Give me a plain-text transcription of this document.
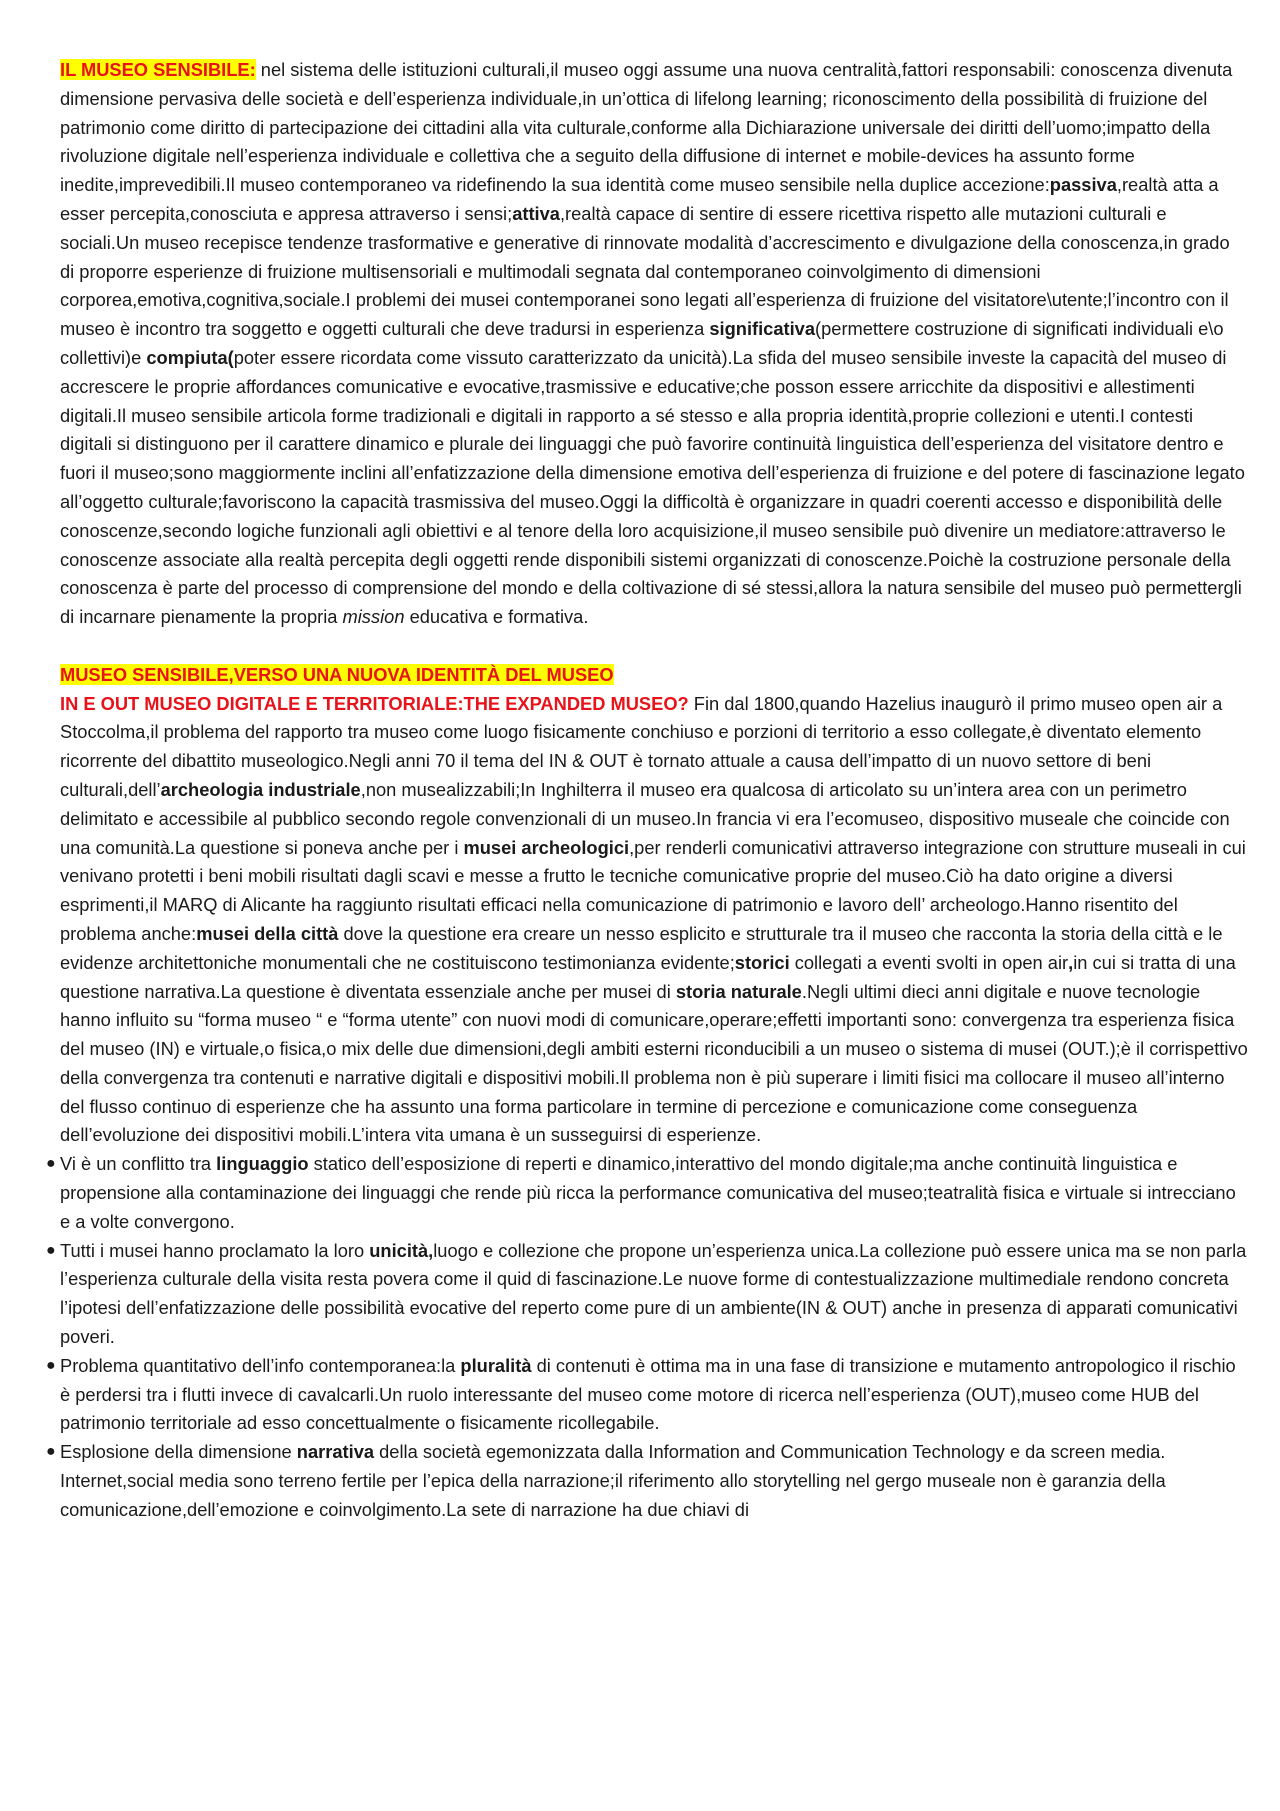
IL MUSEO SENSIBILE: nel sistema delle istituzioni culturali,il museo oggi assume una nuova centralità,fattori responsabili: conoscenza divenuta dimensione pervasiva delle società e dell’esperienza individuale,in un’ottica di lifelong learning; riconoscimento della possibilità di fruizione del patrimonio come diritto di partecipazione dei cittadini alla vita culturale,conforme alla Dichiarazione universale dei diritti dell’uomo;impatto della rivoluzione digitale nell’esperienza individuale e collettiva che a seguito della diffusione di internet e mobile-devices ha assunto forme inedite,imprevedibili.Il museo contemporaneo va ridefinendo la sua identità come museo sensibile nella duplice accezione:passiva,realtà atta a esser percepita,conosciuta e appresa attraverso i sensi;attiva,realtà capace di sentire di essere ricettiva rispetto alle mutazioni culturali e sociali.Un museo recepisce tendenze trasformative e generative di rinnovate modalità d’accrescimento e divulgazione della conoscenza,in grado di proporre esperienze di fruizione multisensoriali e multimodali segnata dal contemporaneo coinvolgimento di dimensioni corporea,emotiva,cognitiva,sociale.I problemi dei musei contemporanei sono legati all’esperienza di fruizione del visitatore\utente;l’incontro con il museo è incontro tra soggetto e oggetti culturali che deve tradursi in esperienza significativa(permettere costruzione di significati individuali e\o collettivi)e compiuta(poter essere ricordata come vissuto caratterizzato da unicità).La sfida del museo sensibile investe la capacità del museo di accrescere le proprie affordances comunicative e evocative,trasmissive e educative;che posson essere arricchite da dispositivi e allestimenti digitali.Il museo sensibile articola forme tradizionali e digitali in rapporto a sé stesso e alla propria identità,proprie collezioni e utenti.I contesti digitali si distinguono per il carattere dinamico e plurale dei linguaggi che può favorire continuità linguistica dell’esperienza del visitatore dentro e fuori il museo;sono maggiormente inclini all’enfatizzazione della dimensione emotiva dell’esperienza di fruizione e del potere di fascinazione legato all’oggetto culturale;favoriscono la capacità trasmissiva del museo.Oggi la difficoltà è organizzare in quadri coerenti accesso e disponibilità delle conoscenze,secondo logiche funzionali agli obiettivi e al tenore della loro acquisizione,il museo sensibile può divenire un mediatore:attraverso le conoscenze associate alla realtà percepita degli oggetti rende disponibili sistemi organizzati di conoscenze.Poichè la costruzione personale della conoscenza è parte del processo di comprensione del mondo e della coltivazione di sé stessi,allora la natura sensibile del museo può permettergli di incarnare pienamente la propria mission educativa e formativa.

MUSEO SENSIBILE,VERSO UNA NUOVA IDENTITÀ DEL MUSEO

IN E OUT MUSEO DIGITALE E TERRITORIALE:THE EXPANDED MUSEO? Fin dal 1800,quando Hazelius inaugurò il primo museo open air a Stoccolma,il problema del rapporto tra museo come luogo fisicamente conchiuso e porzioni di territorio a esso collegate,è diventato elemento ricorrente del dibattito museologico.Negli anni 70 il tema del IN & OUT è tornato attuale a causa dell’impatto di un nuovo settore di beni culturali,dell’archeologia industriale,non musealizzabili;In Inghilterra il museo era qualcosa di articolato su un’intera area con un perimetro delimitato e accessibile al pubblico secondo regole convenzionali di un museo.In francia vi era l’ecomuseo, dispositivo museale che coincide con una comunità.La questione si poneva anche per i musei archeologici,per renderli comunicativi attraverso integrazione con strutture museali in cui venivano protetti i beni mobili risultati dagli scavi e messe a frutto le tecniche comunicative proprie del museo.Ciò ha dato origine a diversi esprimenti,il MARQ di Alicante ha raggiunto risultati efficaci nella comunicazione di patrimonio e lavoro dell’ archeologo.Hanno risentito del problema anche:musei della città dove la questione era creare un nesso esplicito e strutturale tra il museo che racconta la storia della città e le evidenze architettoniche monumentali che ne costituiscono testimonianza evidente;storici collegati a eventi svolti in open air,in cui si tratta di una questione narrativa.La questione è diventata essenziale anche per musei di storia naturale.Negli ultimi dieci anni digitale e nuove tecnologie hanno influito su “forma museo “ e “forma utente” con nuovi modi di comunicare,operare;effetti importanti sono: convergenza tra esperienza fisica del museo (IN) e virtuale,o fisica,o mix delle due dimensioni,degli ambiti esterni riconducibili a un museo o sistema di musei (OUT.);è il corrispettivo della convergenza tra contenuti e narrative digitali e dispositivi mobili.Il problema non è più superare i limiti fisici ma collocare il museo all’interno del flusso continuo di esperienze che ha assunto una forma particolare in termine di percezione e comunicazione come conseguenza dell’evoluzione dei dispositivi mobili.L’intera vita umana è un susseguirsi di esperienze.

● Vi è un conflitto tra linguaggio statico dell’esposizione di reperti e dinamico,interattivo del mondo digitale;ma anche continuità linguistica e propensione alla contaminazione dei linguaggi che rende più ricca la performance comunicativa del museo;teatralità fisica e virtuale si intrecciano e a volte convergono.
● Tutti i musei hanno proclamato la loro unicità,luogo e collezione che propone un’esperienza unica.La collezione può essere unica ma se non parla l’esperienza culturale della visita resta povera come il quid di fascinazione.Le nuove forme di contestualizzazione multimediale rendono concreta l’ipotesi dell’enfatizzazione delle possibilità evocative del reperto come pure di un ambiente(IN & OUT) anche in presenza di apparati comunicativi poveri.
● Problema quantitativo dell’info contemporanea:la pluralità di contenuti è ottima ma in una fase di transizione e mutamento antropologico il rischio è perdersi tra i flutti invece di cavalcarli.Un ruolo interessante del museo come motore di ricerca nell’esperienza (OUT),museo come HUB del patrimonio territoriale ad esso concettualmente o fisicamente ricollegabile.
● Esplosione della dimensione narrativa della società egemonizzata dalla Information and Communication Technology e da screen media. Internet,social media sono terreno fertile per l’epica della narrazione;il riferimento allo storytelling nel gergo museale non è garanzia della comunicazione,dell’emozione e coinvolgimento.La sete di narrazione ha due chiavi di
